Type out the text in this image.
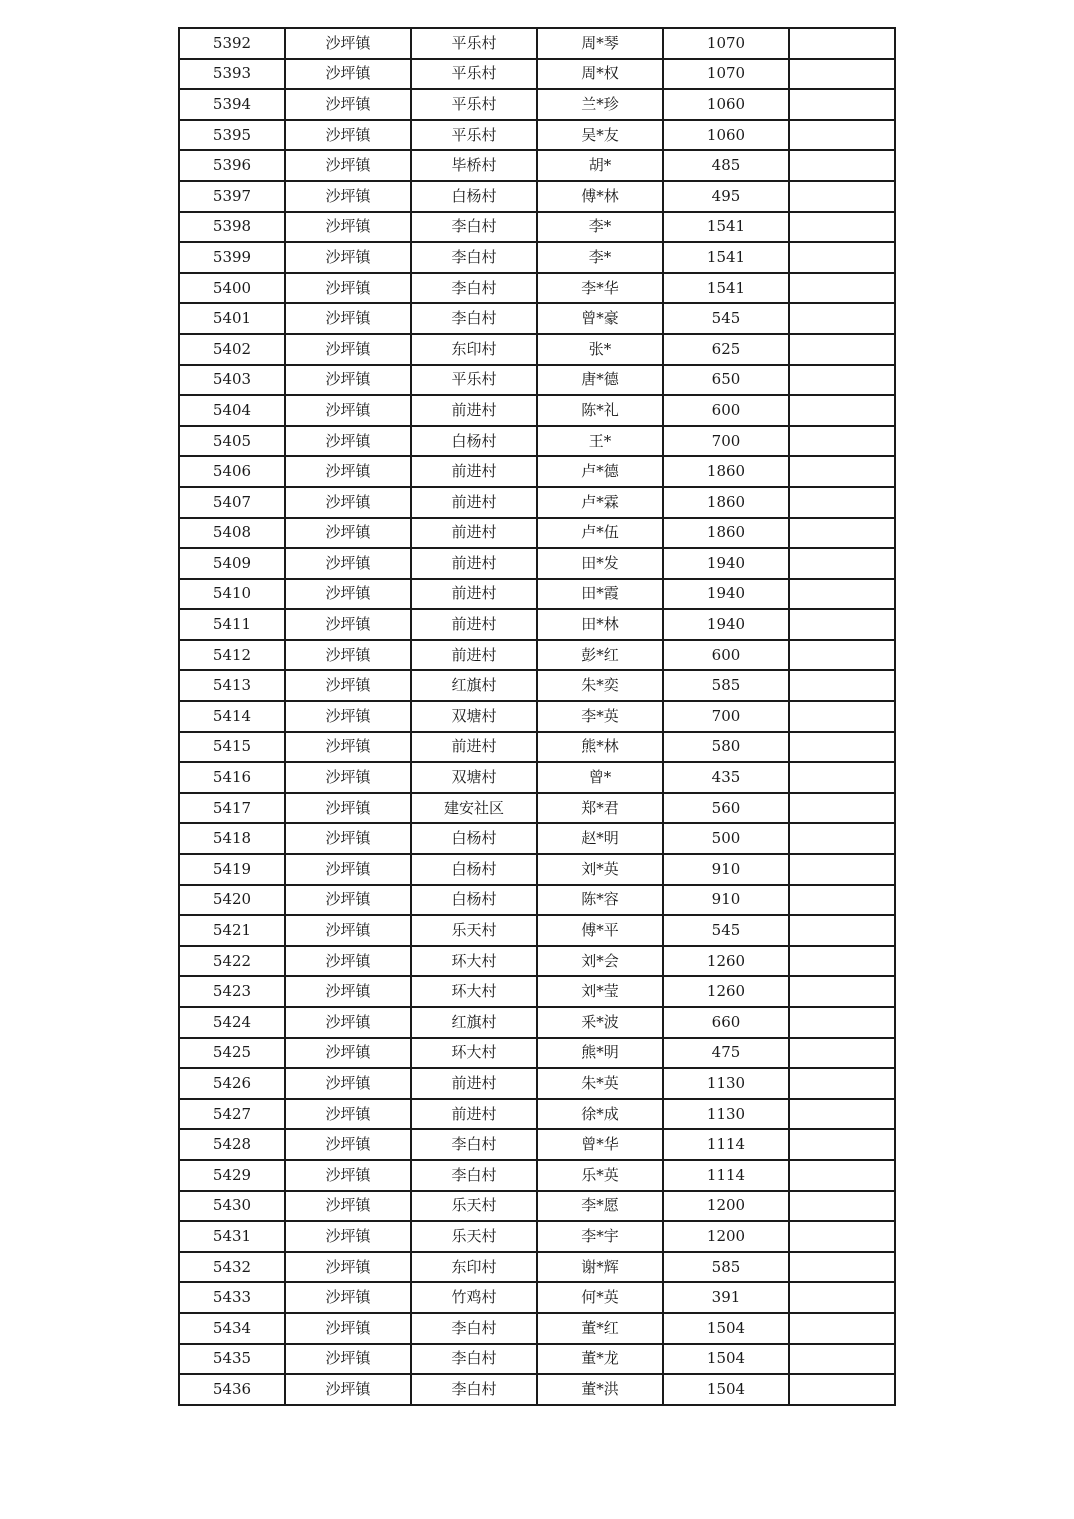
5392	沙坪镇	平乐村	周*琴	1070	
5393	沙坪镇	平乐村	周*权	1070	
5394	沙坪镇	平乐村	兰*珍	1060	
5395	沙坪镇	平乐村	吴*友	1060	
5396	沙坪镇	毕桥村	胡*	485	
5397	沙坪镇	白杨村	傅*林	495	
5398	沙坪镇	李白村	李*	1541	
5399	沙坪镇	李白村	李*	1541	
5400	沙坪镇	李白村	李*华	1541	
5401	沙坪镇	李白村	曾*豪	545	
5402	沙坪镇	东印村	张*	625	
5403	沙坪镇	平乐村	唐*德	650	
5404	沙坪镇	前进村	陈*礼	600	
5405	沙坪镇	白杨村	王*	700	
5406	沙坪镇	前进村	卢*德	1860	
5407	沙坪镇	前进村	卢*霖	1860	
5408	沙坪镇	前进村	卢*伍	1860	
5409	沙坪镇	前进村	田*发	1940	
5410	沙坪镇	前进村	田*霞	1940	
5411	沙坪镇	前进村	田*林	1940	
5412	沙坪镇	前进村	彭*红	600	
5413	沙坪镇	红旗村	朱*奕	585	
5414	沙坪镇	双塘村	李*英	700	
5415	沙坪镇	前进村	熊*林	580	
5416	沙坪镇	双塘村	曾*	435	
5417	沙坪镇	建安社区	郑*君	560	
5418	沙坪镇	白杨村	赵*明	500	
5419	沙坪镇	白杨村	刘*英	910	
5420	沙坪镇	白杨村	陈*容	910	
5421	沙坪镇	乐天村	傅*平	545	
5422	沙坪镇	环大村	刘*会	1260	
5423	沙坪镇	环大村	刘*莹	1260	
5424	沙坪镇	红旗村	釆*波	660	
5425	沙坪镇	环大村	熊*明	475	
5426	沙坪镇	前进村	朱*英	1130	
5427	沙坪镇	前进村	徐*成	1130	
5428	沙坪镇	李白村	曾*华	1114	
5429	沙坪镇	李白村	乐*英	1114	
5430	沙坪镇	乐天村	李*愿	1200	
5431	沙坪镇	乐天村	李*宇	1200	
5432	沙坪镇	东印村	谢*辉	585	
5433	沙坪镇	竹鸡村	何*英	391	
5434	沙坪镇	李白村	董*红	1504	
5435	沙坪镇	李白村	董*龙	1504	
5436	沙坪镇	李白村	董*洪	1504	
